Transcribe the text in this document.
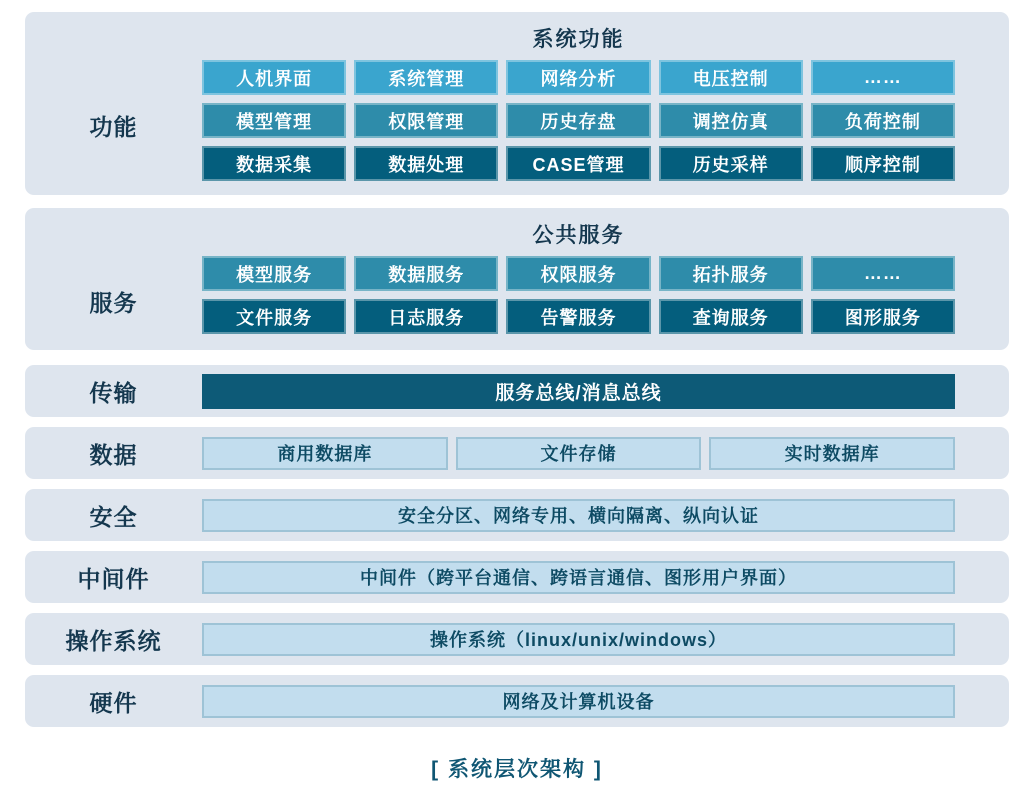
功能
系统功能
人机界面	系统管理	网络分析	电压控制	……
模型管理	权限管理	历史存盘	调控仿真	负荷控制
数据采集	数据处理	CASE管理	历史采样	顺序控制
服务
公共服务
模型服务	数据服务	权限服务	拓扑服务	……
文件服务	日志服务	告警服务	查询服务	图形服务
传输	服务总线/消息总线
数据	商用数据库	文件存储	实时数据库
安全	安全分区、网络专用、横向隔离、纵向认证
中间件	中间件（跨平台通信、跨语言通信、图形用户界面）
操作系统	操作系统（linux/unix/windows）
硬件	网络及计算机设备
[ 系统层次架构 ]
